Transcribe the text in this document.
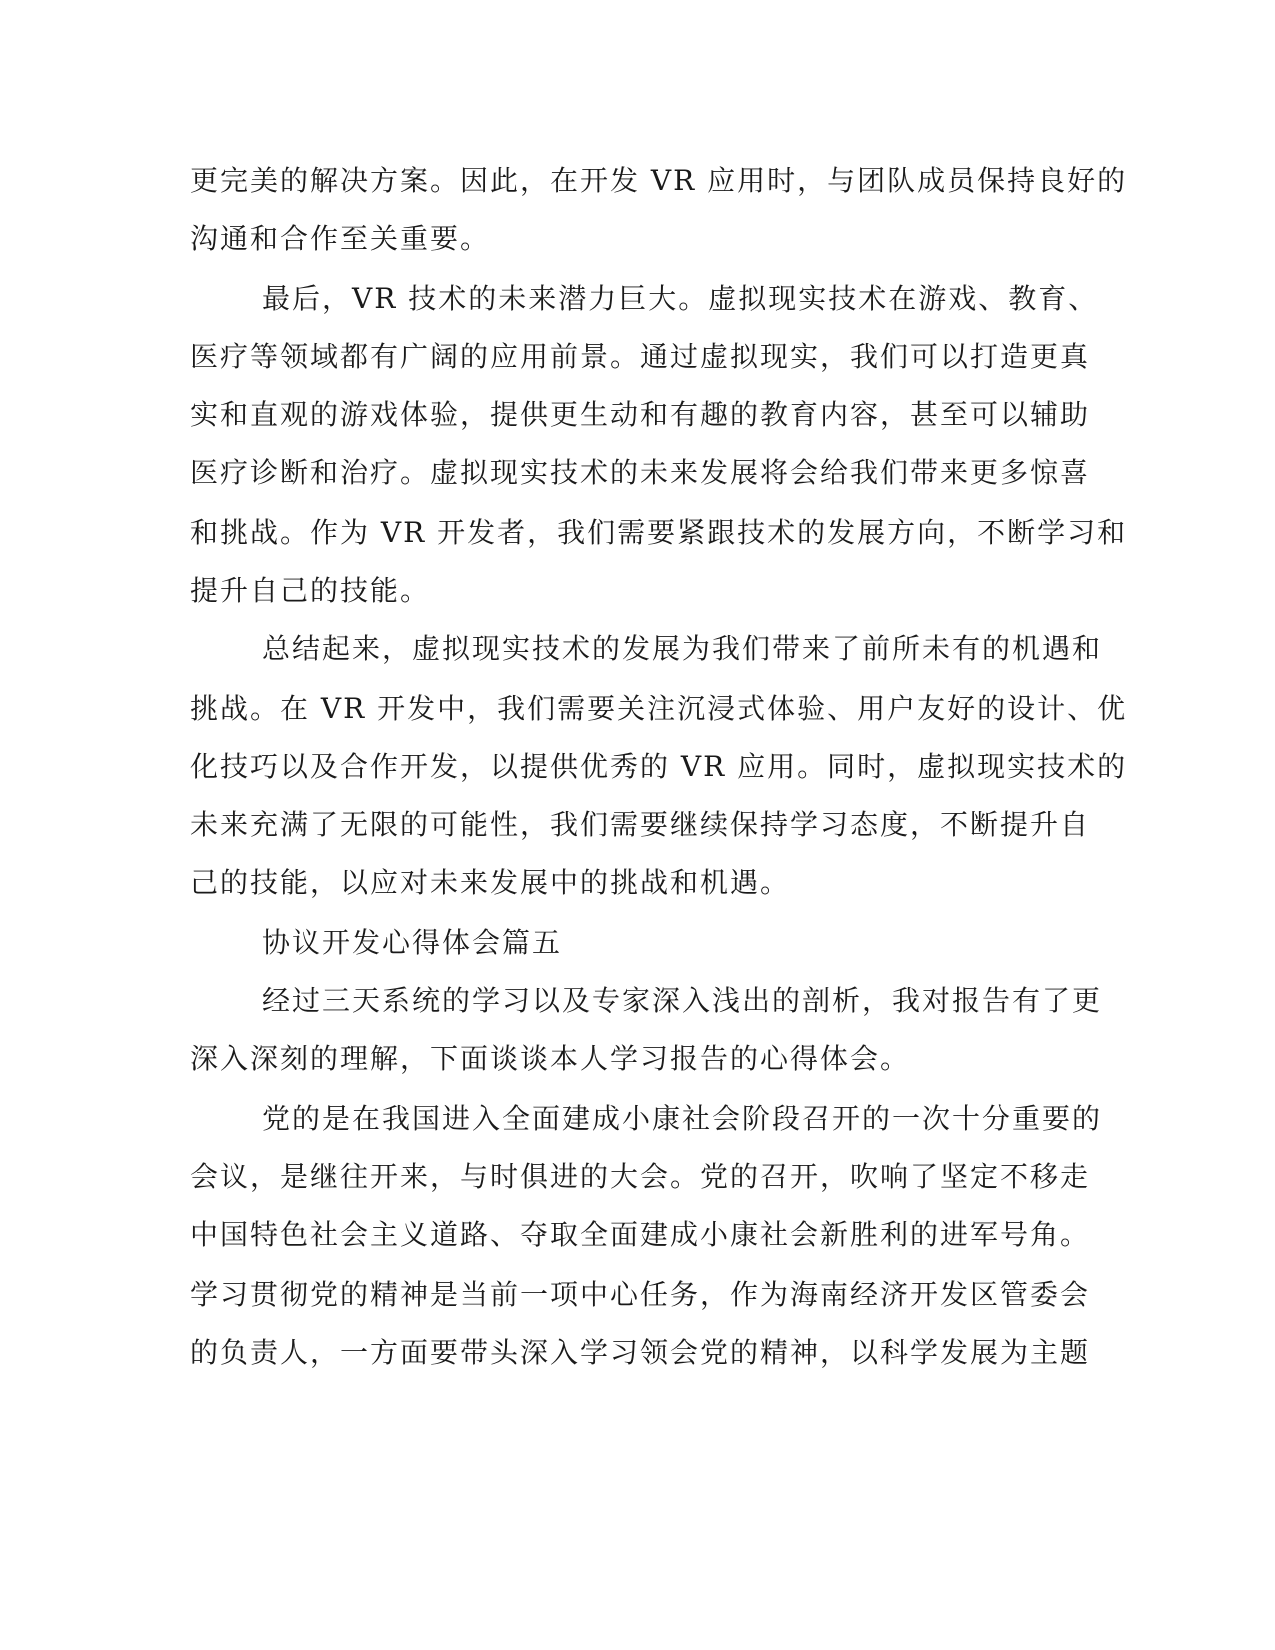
更完美的解决方案。因此，在开发 VR 应用时，与团队成员保持良好的

沟通和合作至关重要。

最后，VR 技术的未来潜力巨大。虚拟现实技术在游戏、教育、

医疗等领域都有广阔的应用前景。通过虚拟现实，我们可以打造更真

实和直观的游戏体验，提供更生动和有趣的教育内容，甚至可以辅助

医疗诊断和治疗。虚拟现实技术的未来发展将会给我们带来更多惊喜

和挑战。作为 VR 开发者，我们需要紧跟技术的发展方向，不断学习和

提升自己的技能。

总结起来，虚拟现实技术的发展为我们带来了前所未有的机遇和

挑战。在 VR 开发中，我们需要关注沉浸式体验、用户友好的设计、优

化技巧以及合作开发，以提供优秀的 VR 应用。同时，虚拟现实技术的

未来充满了无限的可能性，我们需要继续保持学习态度，不断提升自

己的技能，以应对未来发展中的挑战和机遇。

协议开发心得体会篇五

经过三天系统的学习以及专家深入浅出的剖析，我对报告有了更

深入深刻的理解，下面谈谈本人学习报告的心得体会。

党的是在我国进入全面建成小康社会阶段召开的一次十分重要的

会议，是继往开来，与时俱进的大会。党的召开，吹响了坚定不移走

中国特色社会主义道路、夺取全面建成小康社会新胜利的进军号角。

学习贯彻党的精神是当前一项中心任务，作为海南经济开发区管委会

的负责人，一方面要带头深入学习领会党的精神，以科学发展为主题
